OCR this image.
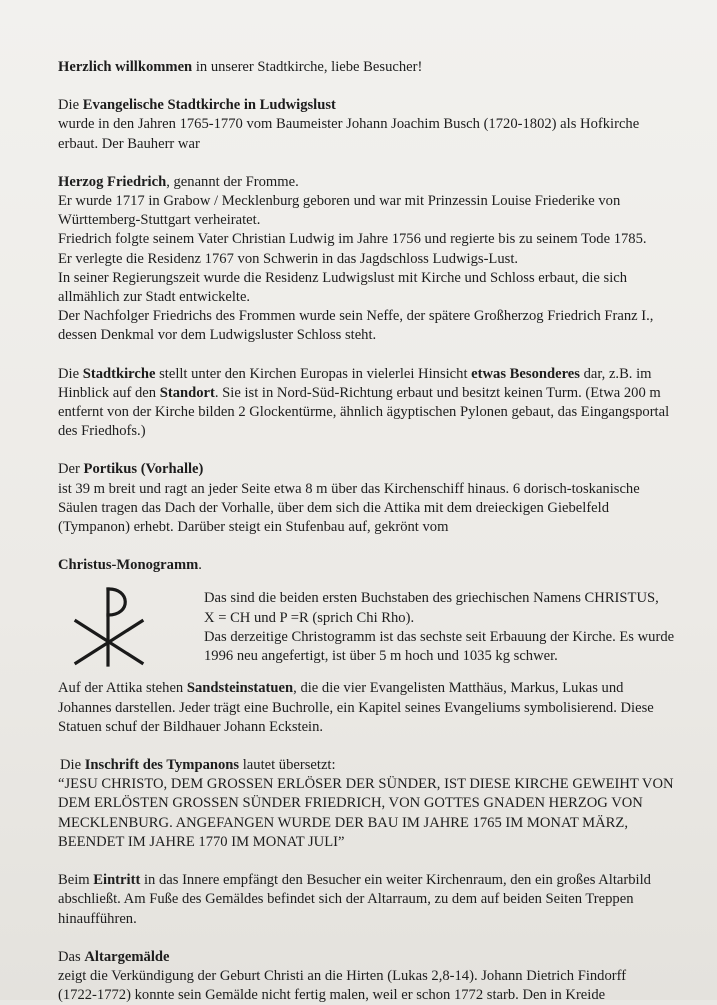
Herzlich willkommen in unserer Stadtkirche, liebe Besucher!

Die Evangelische Stadtkirche in Ludwigslust

wurde in den Jahren 1765-1770 vom Baumeister Johann Joachim Busch (1720-1802) als Hofkirche

erbaut. Der Bauherr war

Herzog Friedrich, genannt der Fromme.

Er wurde 1717 in Grabow / Mecklenburg geboren und war mit Prinzessin Louise Friederike von

Württemberg-Stuttgart verheiratet.

Friedrich folgte seinem Vater Christian Ludwig im Jahre 1756 und regierte bis zu seinem Tode 1785.

Er verlegte die Residenz 1767 von Schwerin in das Jagdschloss Ludwigs-Lust.

In seiner Regierungszeit wurde die Residenz Ludwigslust mit Kirche und Schloss erbaut, die sich

allmählich zur Stadt entwickelte.

Der Nachfolger Friedrichs des Frommen wurde sein Neffe, der spätere Großherzog Friedrich Franz I.,

dessen Denkmal vor dem Ludwigsluster Schloss steht.

Die Stadtkirche stellt unter den Kirchen Europas in vielerlei Hinsicht etwas Besonderes dar, z.B. im

Hinblick auf den Standort. Sie ist in Nord-Süd-Richtung erbaut und besitzt keinen Turm. (Etwa 200 m

entfernt von der Kirche bilden 2 Glockentürme, ähnlich ägyptischen Pylonen gebaut, das Eingangsportal

des Friedhofs.)

Der Portikus (Vorhalle)

ist 39 m breit und ragt an jeder Seite etwa 8 m über das Kirchenschiff hinaus. 6 dorisch-toskanische

Säulen tragen das Dach der Vorhalle, über dem sich die Attika mit dem dreieckigen Giebelfeld

(Tympanon) erhebt. Darüber steigt ein Stufenbau auf, gekrönt vom

Christus-Monogramm.

Das sind die beiden ersten Buchstaben des griechischen Namens CHRISTUS,

X = CH und P =R (sprich Chi Rho).

Das derzeitige Christogramm ist das sechste seit Erbauung der Kirche. Es wurde

1996 neu angefertigt, ist über 5 m hoch und 1035 kg schwer.

Auf der Attika stehen Sandsteinstatuen, die die vier Evangelisten Matthäus, Markus, Lukas und

Johannes darstellen. Jeder trägt eine Buchrolle, ein Kapitel seines Evangeliums symbolisierend. Diese

Statuen schuf der Bildhauer Johann Eckstein.

Die Inschrift des Tympanons lautet übersetzt:

“JESU CHRISTO, DEM GROSSEN ERLÖSER DER SÜNDER, IST DIESE KIRCHE GEWEIHT VON

DEM ERLÖSTEN GROSSEN SÜNDER FRIEDRICH, VON GOTTES GNADEN HERZOG VON

MECKLENBURG. ANGEFANGEN WURDE DER BAU IM JAHRE 1765 IM MONAT MÄRZ,

BEENDET IM JAHRE 1770 IM MONAT JULI”

Beim Eintritt in das Innere empfängt den Besucher ein weiter Kirchenraum, den ein großes Altarbild

abschließt. Am Fuße des Gemäldes befindet sich der Altarraum, zu dem auf beiden Seiten Treppen

hinaufführen.

Das Altargemälde

zeigt die Verkündigung der Geburt Christi an die Hirten (Lukas 2,8-14). Johann Dietrich Findorff

(1722-1772) konnte sein Gemälde nicht fertig malen, weil er schon 1772 starb. Den in Kreide
